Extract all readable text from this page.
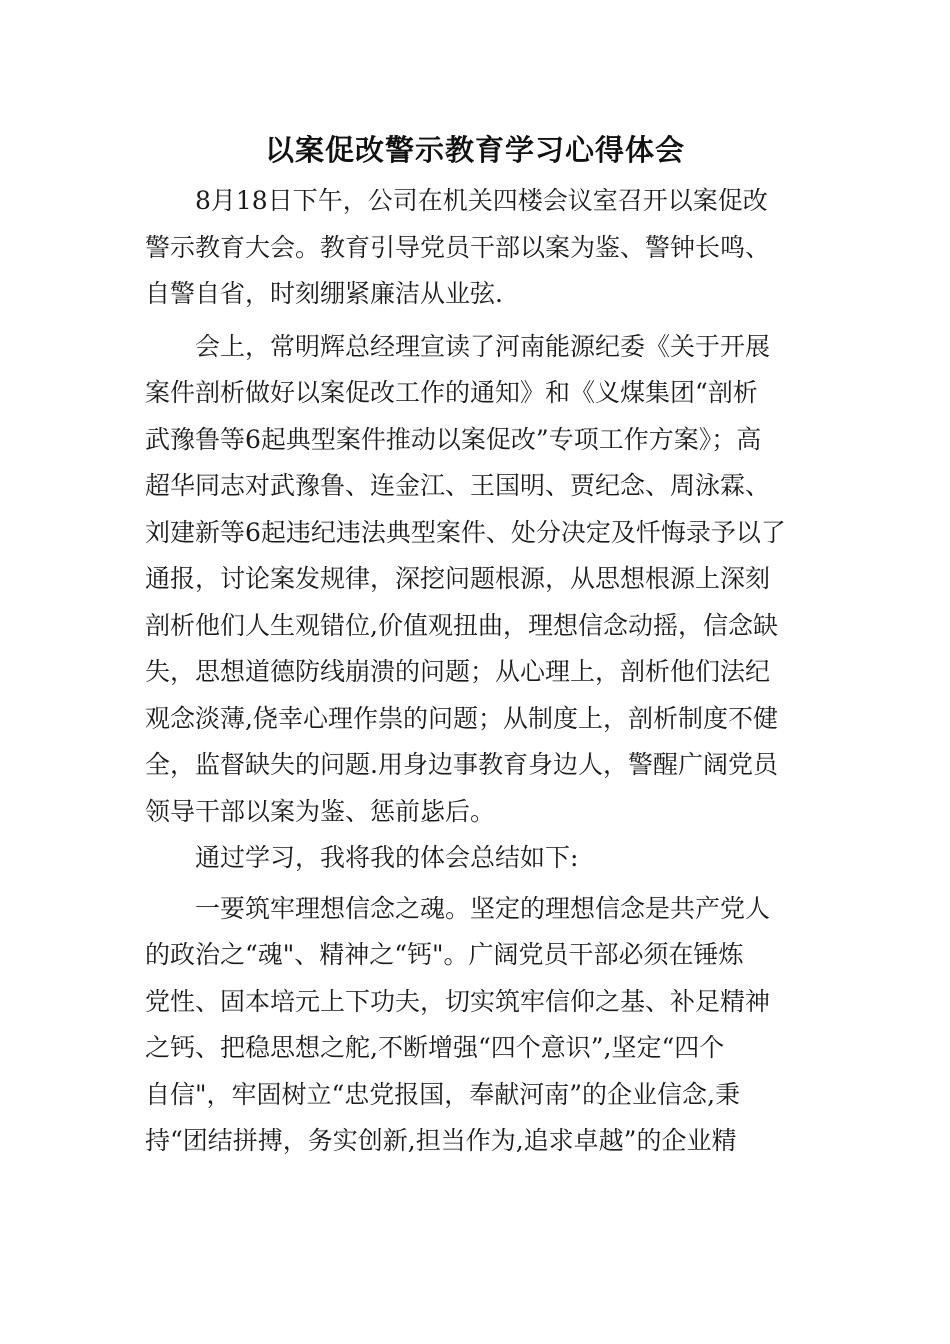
以案促改警示教育学习心得体会
8月18日下午，公司在机关四楼会议室召开以案促改
警示教育大会。教育引导党员干部以案为鉴、警钟长鸣、
自警自省，时刻绷紧廉洁从业弦.
会上，常明辉总经理宣读了河南能源纪委《关于开展
案件剖析做好以案促改工作的通知》和《义煤集团“剖析
武豫鲁等6起典型案件推动以案促改”专项工作方案》；高
超华同志对武豫鲁、连金江、王国明、贾纪念、周泳霖、
刘建新等6起违纪违法典型案件、处分决定及忏悔录予以了
通报，讨论案发规律，深挖问题根源，从思想根源上深刻
剖析他们人生观错位,价值观扭曲，理想信念动摇，信念缺
失，思想道德防线崩溃的问题；从心理上，剖析他们法纪
观念淡薄,侥幸心理作祟的问题；从制度上，剖析制度不健
全，监督缺失的问题.用身边事教育身边人，警醒广阔党员
领导干部以案为鉴、惩前毖后。
通过学习，我将我的体会总结如下:
一要筑牢理想信念之魂。坚定的理想信念是共产党人
的政治之“魂"、精神之“钙"。广阔党员干部必须在锤炼
党性、固本培元上下功夫，切实筑牢信仰之基、补足精神
之钙、把稳思想之舵,不断增强“四个意识”,坚定“四个
自信"，牢固树立“忠党报国，奉献河南”的企业信念,秉
持“团结拼搏，务实创新,担当作为,追求卓越”的企业精
